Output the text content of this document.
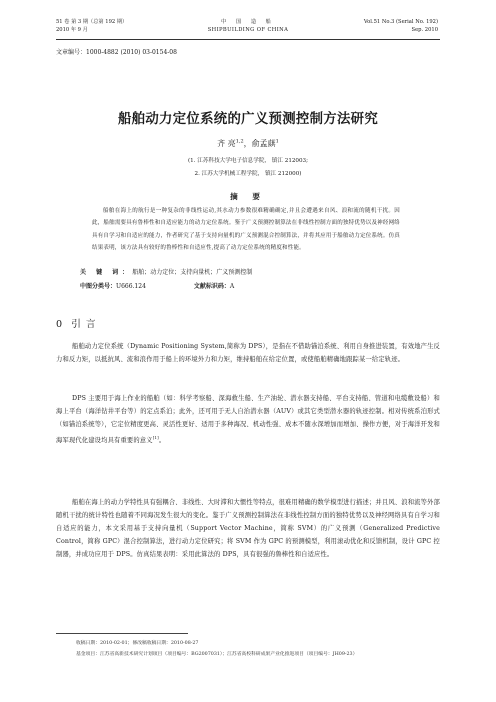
51 卷 第 3 期（总第 192 期）
2010 年 9 月
中 国 造 船
SHIPBUILDING OF CHINA
Vol.51 No.3 (Serial No. 192)
Sep. 2010
文章编号：1000-4882 (2010) 03-0154-08
船舶动力定位系统的广义预测控制方法研究
齐 亮$^{1,2}$，俞孟蕻$^1$
(1. 江苏科技大学电子信息学院， 镇江 212003;
2. 江苏大学机械工程学院， 镇江 212000)
摘 要
船舶在海上的航行是一种复杂的非线性运动,其水动力参数很难精确确定,并且会遭遇来自风、浪和流的随机干扰。因此，船舶需要具有鲁棒性和自适应能力的动力定位系统。鉴于广义预测控制算法在非线性控制方面的独特优势以及神经网络具有自学习和自适应的能力，作者研究了基于支持向量机的广义预测混合控制算法，并将其应用于船舶动力定位系统。仿真结果表明，该方法具有较好的鲁棒性和自适应性,提高了动力定位系统的精度和性能。
关 键 词：船舶；动力定位；支持向量机；广义预测控制
中图分类号：U666.124	文献标识码：A
0 引 言
船舶动力定位系统（Dynamic Positioning System,简称为 DPS），是指在不借助锚泊系统、利用自身推进装置，有效地产生反力和反力矩，以抵抗风、流和浪作用于船上的环境外力和力矩，维持船舶在给定位置，或使船舶精确地跟踪某一给定轨迹。
DPS 主要用于海上作业的船舶（如：科学考察船、深海救生船、生产油轮、潜水器支持船、平台支持船、管道和电缆敷设船）和海上平台（海洋钻井平台等）的定点系泊；此外，还可用于无人自治潜水器（AUV）或其它类型潜水器的轨迹控制。相对传统系泊形式（如锚泊系统等），它定位精度更高、灵活性更好、适用于多种海况、机动性强、成本不随水深增加而增加、操作方便，对于海洋开发和海军现代化建设均具有重要的意义[1]。
船舶在海上的动力学特性具有强耦合、非线性、大时滞和大惯性等特点，很难用精确的数学模型进行描述；并且风、浪和流等外部随机干扰的统计特性也随着不同海况发生很大的变化。鉴于广义预测控制算法在非线性控制方面的独特优势以及神经网络具有自学习和自适应的能力，本文采用基于支持向量机（Support Vector Machine，简称 SVM）的广义预测（Generalized Predictive Control，简称 GPC）混合控制算法，进行动力定位研究；将 SVM 作为 GPC 的预测模型，利用滚动优化和反馈机制，设计 GPC 控制器，并成功应用于 DPS。仿真结果表明：采用此算法的 DPS，具有很强的鲁棒性和自适应性。
收稿日期：2010-02-01；修改稿收稿日期：2010-08-27
基金项目：江苏省高新技术研究计划项目（项目编号：BG2007031）；江苏省高校科研成果产业化推进项目（项目编号：JH09-23）
